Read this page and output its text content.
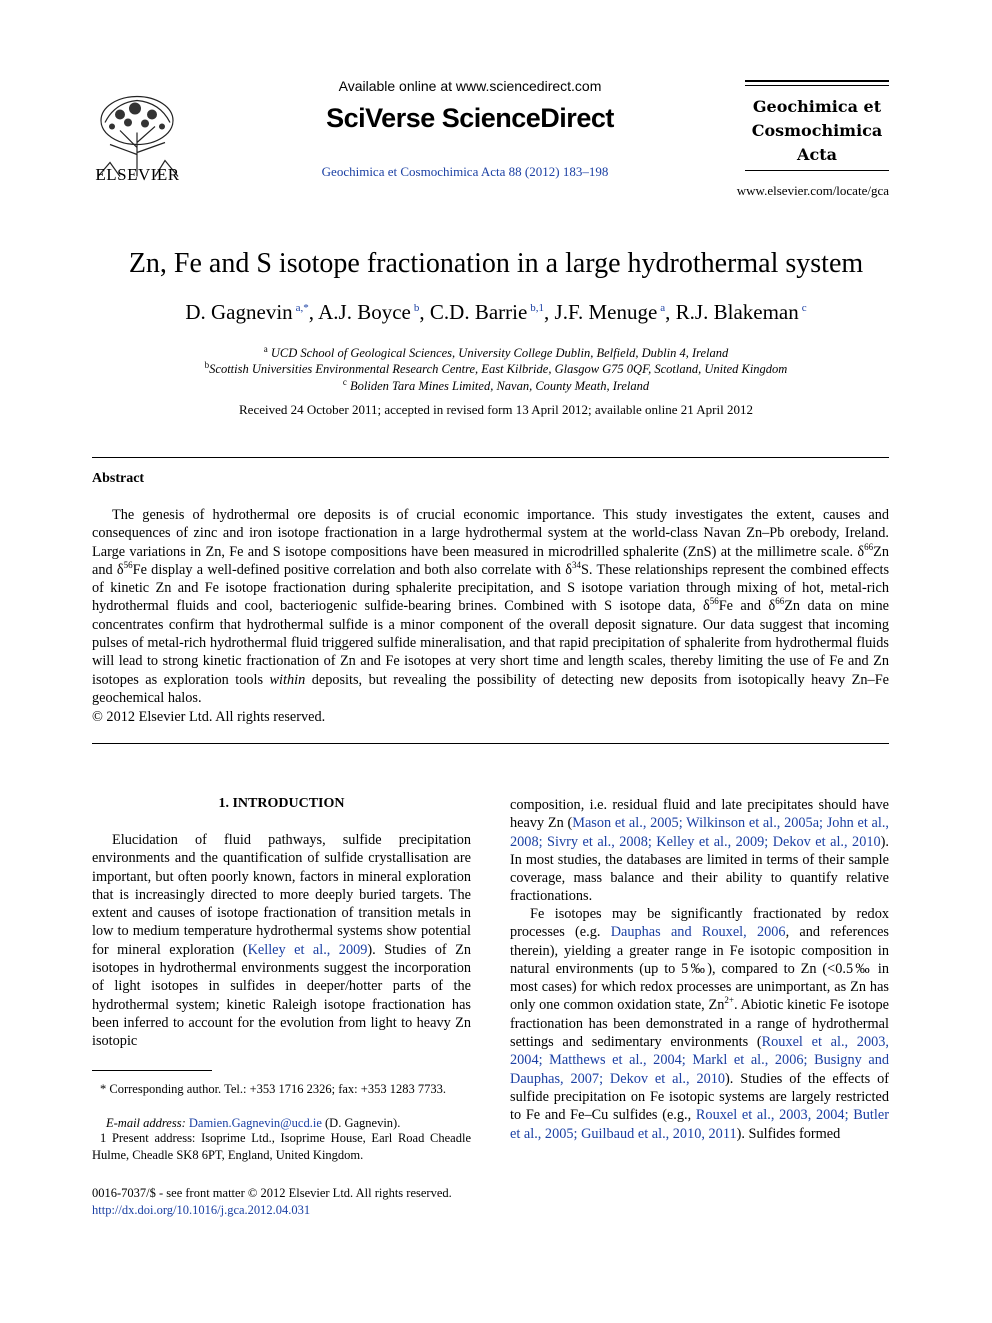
ELSEVIER
Available online at www.sciencedirect.com
SciVerse ScienceDirect
Geochimica et Cosmochimica Acta 88 (2012) 183–198
Geochimica et
Cosmochimica
Acta
www.elsevier.com/locate/gca
Zn, Fe and S isotope fractionation in a large hydrothermal system
D. Gagnevin $^{a,*}$, A.J. Boyce $^b$, C.D. Barrie $^{b,1}$, J.F. Menuge $^a$, R.J. Blakeman $^c$
$^a$ UCD School of Geological Sciences, University College Dublin, Belfield, Dublin 4, Ireland
$^b$Scottish Universities Environmental Research Centre, East Kilbride, Glasgow G75 0QF, Scotland, United Kingdom
$^c$ Boliden Tara Mines Limited, Navan, County Meath, Ireland
Received 24 October 2011; accepted in revised form 13 April 2012; available online 21 April 2012
Abstract
The genesis of hydrothermal ore deposits is of crucial economic importance. This study investigates the extent, causes and consequences of zinc and iron isotope fractionation in a large hydrothermal system at the world-class Navan Zn–Pb orebody, Ireland. Large variations in Zn, Fe and S isotope compositions have been measured in microdrilled sphalerite (ZnS) at the millimetre scale. $\delta^{66}Zn$ and $\delta^{56}Fe$ display a well-defined positive correlation and both also correlate with $\delta^{34}S$. These relationships represent the combined effects of kinetic Zn and Fe isotope fractionation during sphalerite precipitation, and S isotope variation through mixing of hot, metal-rich hydrothermal fluids and cool, bacteriogenic sulfide-bearing brines. Combined with S isotope data, $\delta^{56}Fe$ and $\delta^{66}Zn$ data on mine concentrates confirm that hydrothermal sulfide is a minor component of the overall deposit signature. Our data suggest that incoming pulses of metal-rich hydrothermal fluid triggered sulfide mineralisation, and that rapid precipitation of sphalerite from hydrothermal fluids will lead to strong kinetic fractionation of Zn and Fe isotopes at very short time and length scales, thereby limiting the use of Fe and Zn isotopes as exploration tools within deposits, but revealing the possibility of detecting new deposits from isotopically heavy Zn–Fe geochemical halos.
© 2012 Elsevier Ltd. All rights reserved.
1. INTRODUCTION
Elucidation of fluid pathways, sulfide precipitation environments and the quantification of sulfide crystallisation are important, but often poorly known, factors in mineral exploration that is increasingly directed to more deeply buried targets. The extent and causes of isotope fractionation of transition metals in low to medium temperature hydrothermal systems show potential for mineral exploration (Kelley et al., 2009). Studies of Zn isotopes in hydrothermal environments suggest the incorporation of light isotopes in sulfides in deeper/hotter parts of the hydrothermal system; kinetic Raleigh isotope fractionation has been inferred to account for the evolution from light to heavy Zn isotopic
composition, i.e. residual fluid and late precipitates should have heavy Zn (Mason et al., 2005; Wilkinson et al., 2005a; John et al., 2008; Sivry et al., 2008; Kelley et al., 2009; Dekov et al., 2010). In most studies, the databases are limited in terms of their sample coverage, mass balance and their ability to quantify relative fractionations.
Fe isotopes may be significantly fractionated by redox processes (e.g. Dauphas and Rouxel, 2006, and references therein), yielding a greater range in Fe isotopic composition in natural environments (up to 5‰), compared to Zn (<0.5‰ in most cases) for which redox processes are unimportant, as Zn has only one common oxidation state, $Zn^{2+}$. Abiotic kinetic Fe isotope fractionation has been demonstrated in a range of hydrothermal settings and sedimentary environments (Rouxel et al., 2003, 2004; Matthews et al., 2004; Markl et al., 2006; Busigny and Dauphas, 2007; Dekov et al., 2010). Studies of the effects of sulfide precipitation on Fe isotopic systems are largely restricted to Fe and Fe–Cu sulfides (e.g., Rouxel et al., 2003, 2004; Butler et al., 2005; Guilbaud et al., 2010, 2011). Sulfides formed
* Corresponding author. Tel.: +353 1716 2326; fax: +353 1283 7733.
E-mail address: Damien.Gagnevin@ucd.ie (D. Gagnevin).
1 Present address: Isoprime Ltd., Isoprime House, Earl Road Cheadle Hulme, Cheadle SK8 6PT, England, United Kingdom.
0016-7037/$ - see front matter © 2012 Elsevier Ltd. All rights reserved.
http://dx.doi.org/10.1016/j.gca.2012.04.031
